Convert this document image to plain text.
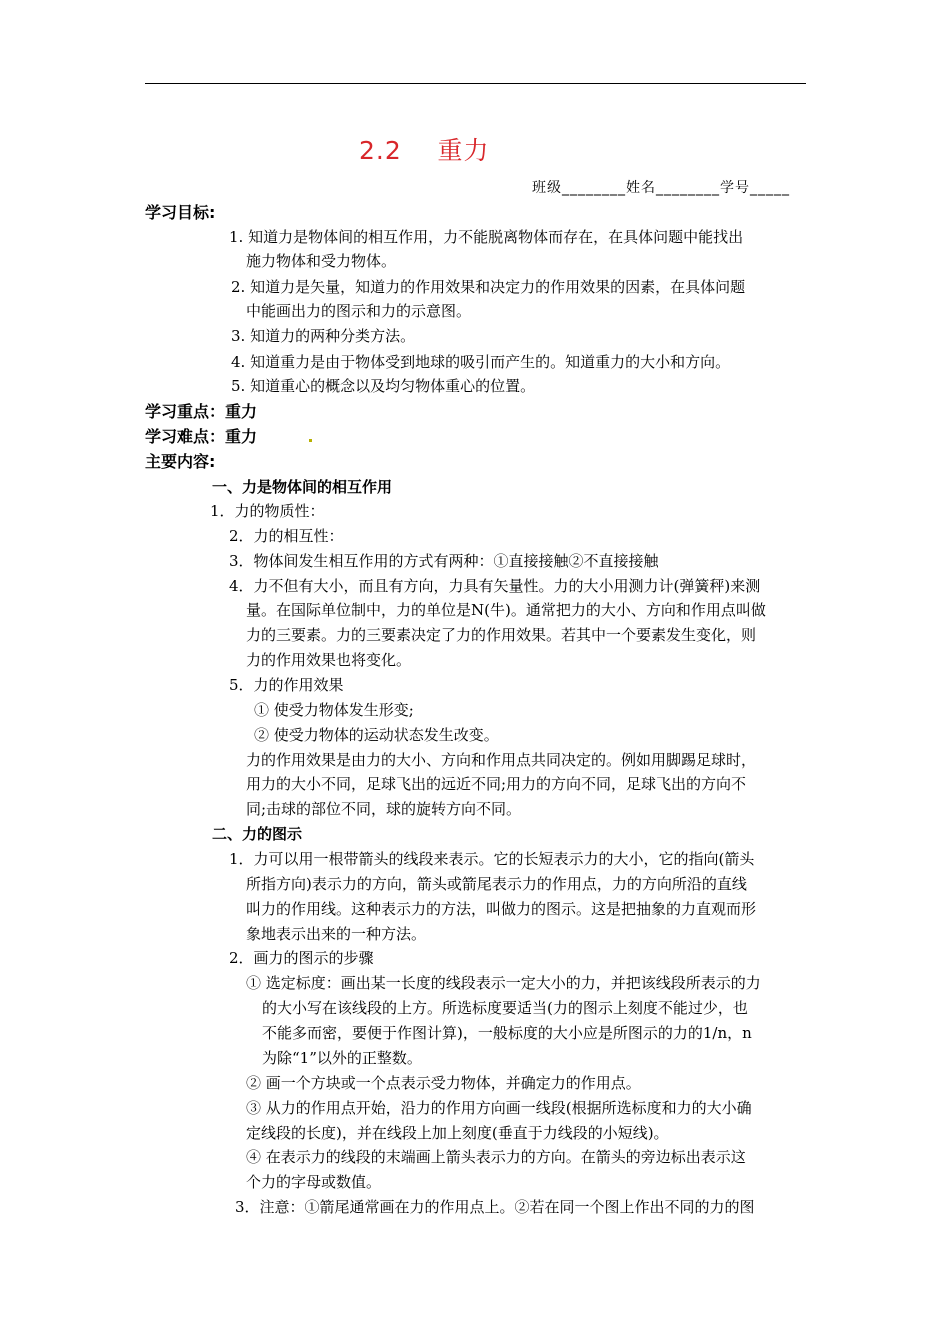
2.2    重力
班级________姓名________学号_____
学习目标:
1. 知道力是物体间的相互作用，力不能脱离物体而存在，在具体问题中能找出
施力物体和受力物体。
2. 知道力是矢量，知道力的作用效果和决定力的作用效果的因素，在具体问题
中能画出力的图示和力的示意图。
3. 知道力的两种分类方法。
4. 知道重力是由于物体受到地球的吸引而产生的。知道重力的大小和方向。
5. 知道重心的概念以及均匀物体重心的位置。
学习重点：重力
学习难点：重力
主要内容:
一、力是物体间的相互作用
1．力的物质性：
2．力的相互性：
3．物体间发生相互作用的方式有两种：①直接接触②不直接接触
4．力不但有大小，而且有方向，力具有矢量性。力的大小用测力计(弹簧秤)来测
量。在国际单位制中，力的单位是N(牛)。通常把力的大小、方向和作用点叫做
力的三要素。力的三要素决定了力的作用效果。若其中一个要素发生变化，则
力的作用效果也将变化。
5．力的作用效果
① 使受力物体发生形变;
② 使受力物体的运动状态发生改变。
力的作用效果是由力的大小、方向和作用点共同决定的。例如用脚踢足球时，
用力的大小不同，足球飞出的远近不同;用力的方向不同，足球飞出的方向不
同;击球的部位不同，球的旋转方向不同。
二、力的图示
1．力可以用一根带箭头的线段来表示。它的长短表示力的大小，它的指向(箭头
所指方向)表示力的方向，箭头或箭尾表示力的作用点，力的方向所沿的直线
叫力的作用线。这种表示力的方法，叫做力的图示。这是把抽象的力直观而形
象地表示出来的一种方法。
2．画力的图示的步骤
① 选定标度：画出某一长度的线段表示一定大小的力，并把该线段所表示的力
的大小写在该线段的上方。所选标度要适当(力的图示上刻度不能过少，也
不能多而密，要便于作图计算)，一般标度的大小应是所图示的力的1/n，n
为除“1”以外的正整数。
② 画一个方块或一个点表示受力物体，并确定力的作用点。
③ 从力的作用点开始，沿力的作用方向画一线段(根据所选标度和力的大小确
定线段的长度)，并在线段上加上刻度(垂直于力线段的小短线)。
④ 在表示力的线段的末端画上箭头表示力的方向。在箭头的旁边标出表示这
个力的字母或数值。
3．注意：①箭尾通常画在力的作用点上。②若在同一个图上作出不同的力的图
